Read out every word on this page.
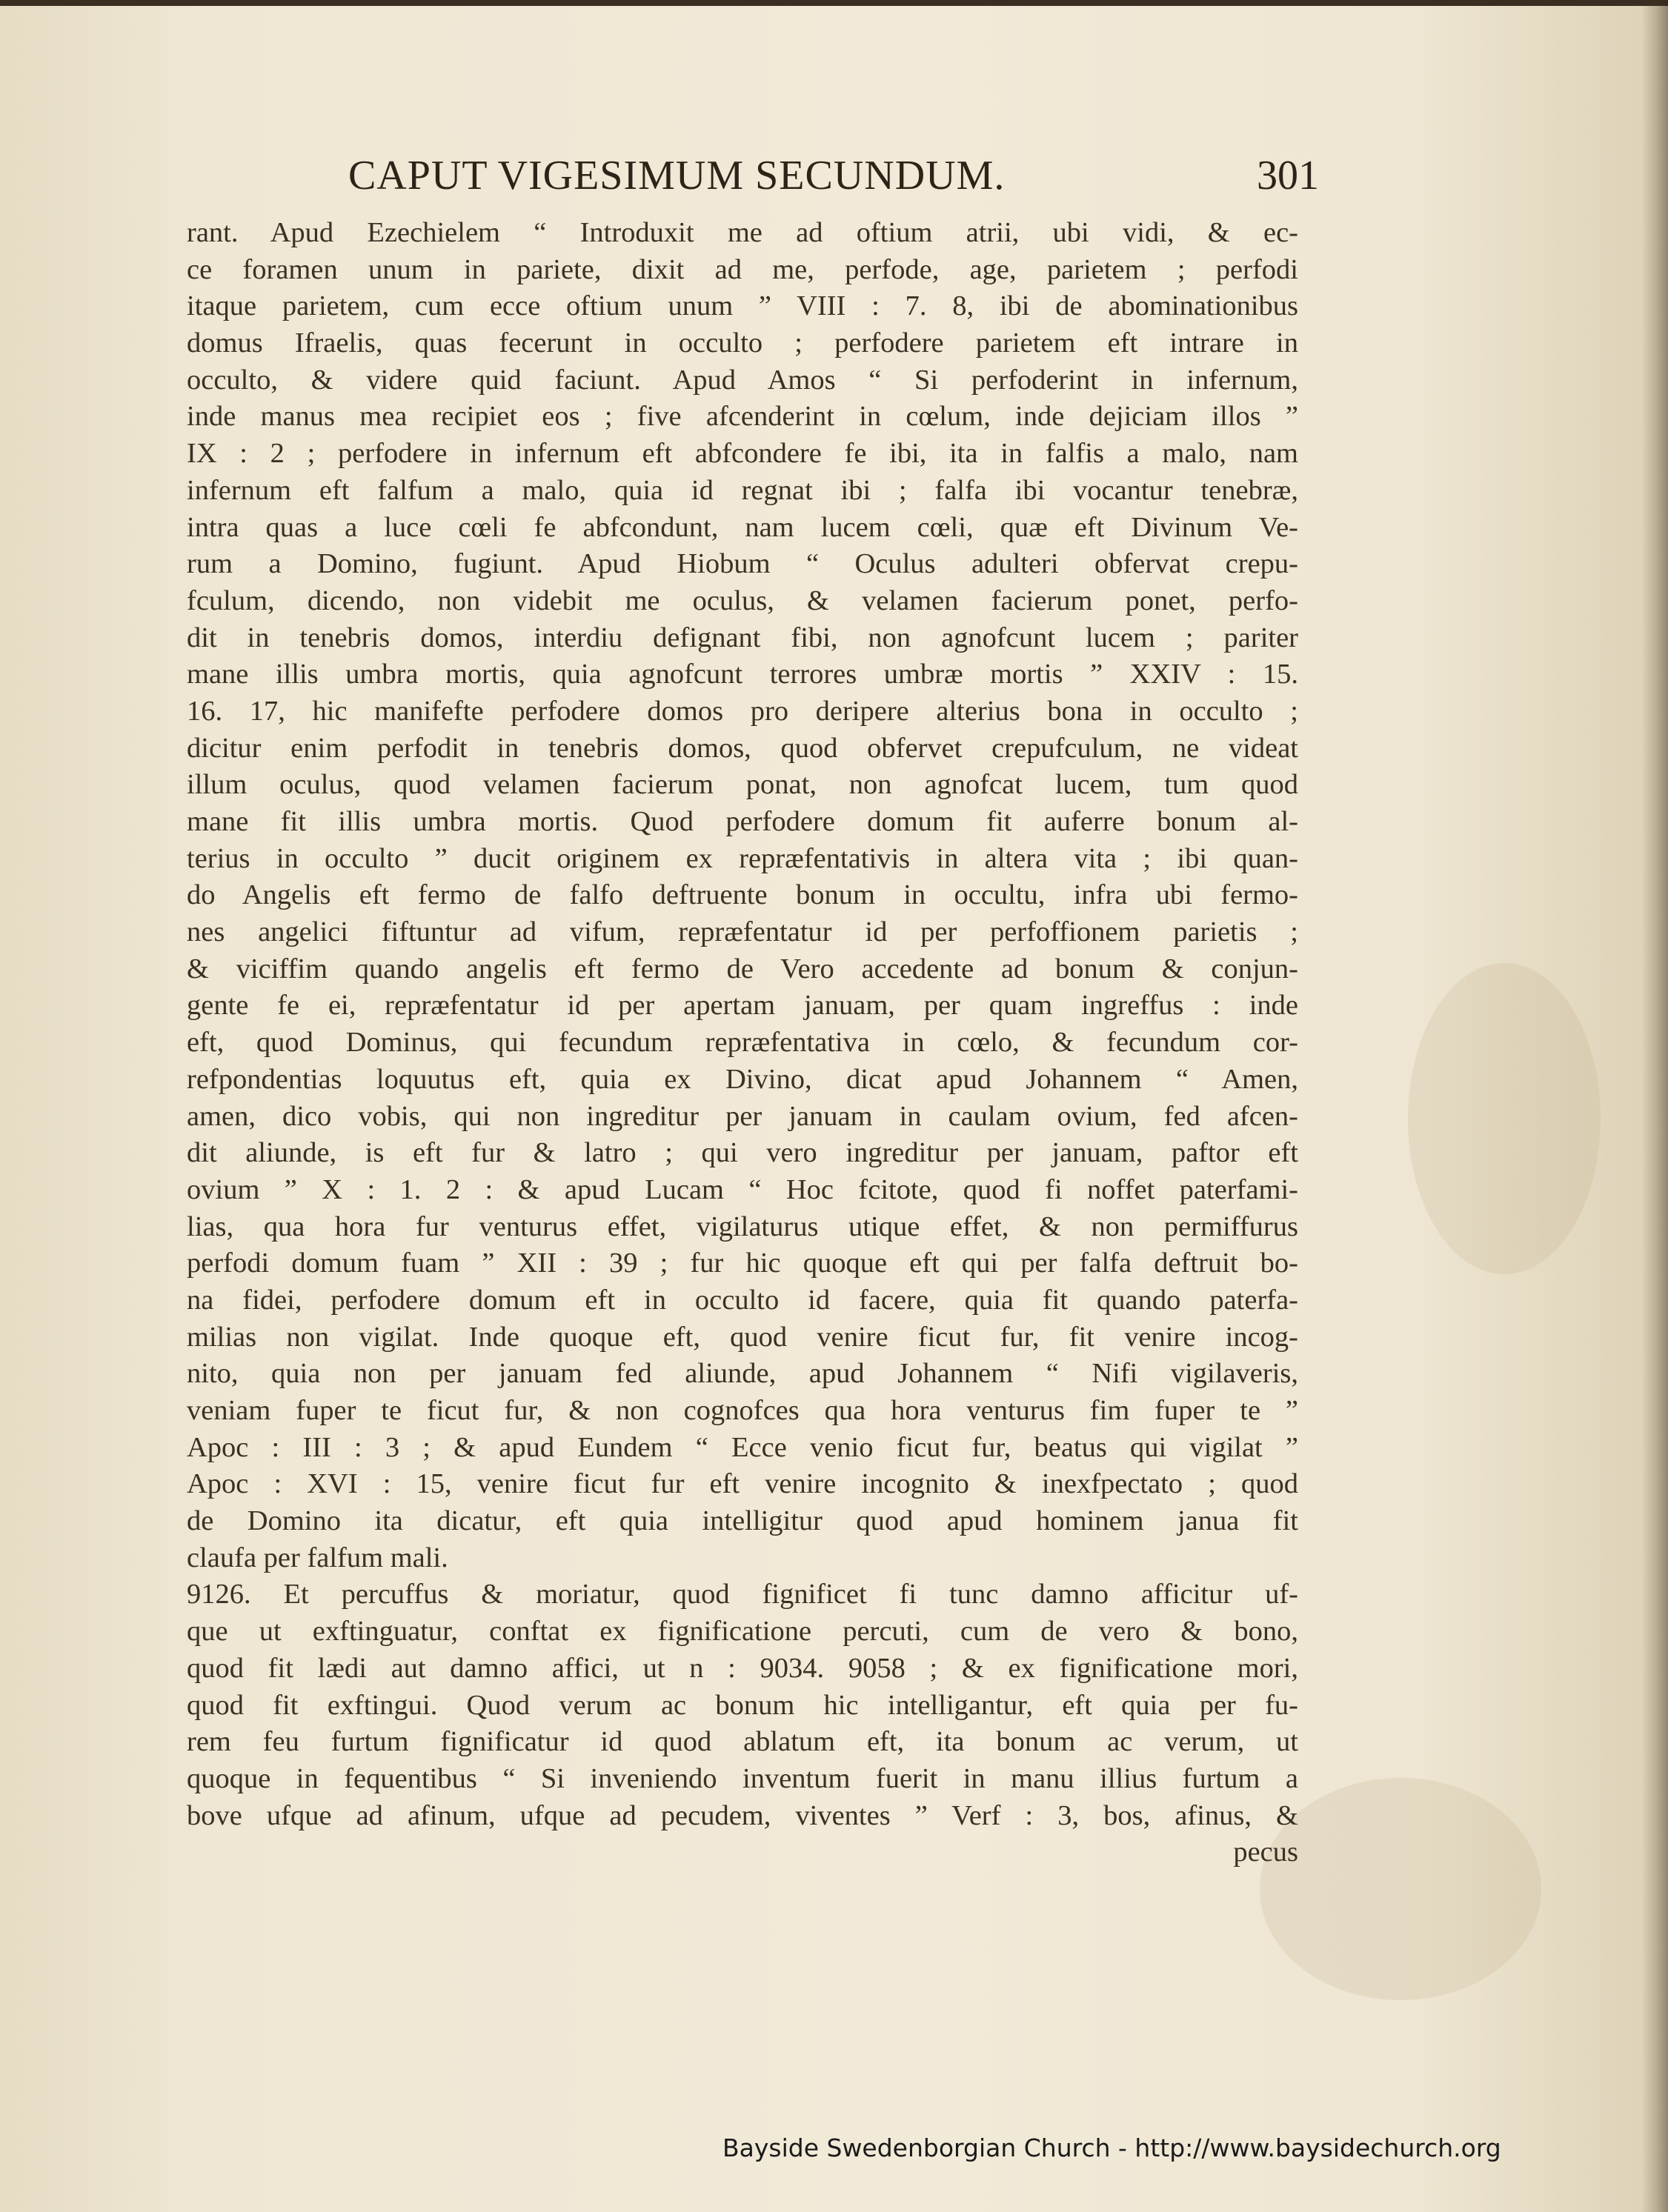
CAPUT VIGESIMUM SECUNDUM.	301
rant. Apud Ezechielem “ Introduxit me ad oftium atrii, ubi vidi, & ec-
ce foramen unum in pariete, dixit ad me, perfode, age, parietem ; perfodi
itaque parietem, cum ecce oftium unum ” VIII : 7. 8, ibi de abominationibus
domus Ifraelis, quas fecerunt in occulto ; perfodere parietem eft intrare in
occulto, & videre quid faciunt. Apud Amos “ Si perfoderint in infernum,
inde manus mea recipiet eos ; five afcenderint in cœlum, inde dejiciam illos ”
IX : 2 ; perfodere in infernum eft abfcondere fe ibi, ita in falfis a malo, nam
infernum eft falfum a malo, quia id regnat ibi ; falfa ibi vocantur tenebræ,
intra quas a luce cœli fe abfcondunt, nam lucem cœli, quæ eft Divinum Ve-
rum a Domino, fugiunt. Apud Hiobum “ Oculus adulteri obfervat crepu-
fculum, dicendo, non videbit me oculus, & velamen facierum ponet, perfo-
dit in tenebris domos, interdiu defignant fibi, non agnofcunt lucem ; pariter
mane illis umbra mortis, quia agnofcunt terrores umbræ mortis ” XXIV : 15.
16. 17, hic manifefte perfodere domos pro deripere alterius bona in occulto ;
dicitur enim perfodit in tenebris domos, quod obfervet crepufculum, ne videat
illum oculus, quod velamen facierum ponat, non agnofcat lucem, tum quod
mane fit illis umbra mortis. Quod perfodere domum fit auferre bonum al-
terius in occulto ” ducit originem ex repræfentativis in altera vita ; ibi quan-
do Angelis eft fermo de falfo deftruente bonum in occultu, infra ubi fermo-
nes angelici fiftuntur ad vifum, repræfentatur id per perfoffionem parietis ;
& viciffim quando angelis eft fermo de Vero accedente ad bonum & conjun-
gente fe ei, repræfentatur id per apertam januam, per quam ingreffus : inde
eft, quod Dominus, qui fecundum repræfentativa in cœlo, & fecundum cor-
refpondentias loquutus eft, quia ex Divino, dicat apud Johannem “ Amen,
amen, dico vobis, qui non ingreditur per januam in caulam ovium, fed afcen-
dit aliunde, is eft fur & latro ; qui vero ingreditur per januam, paftor eft
ovium ” X : 1. 2 : & apud Lucam “ Hoc fcitote, quod fi noffet paterfami-
lias, qua hora fur venturus effet, vigilaturus utique effet, & non permiffurus
perfodi domum fuam ” XII : 39 ; fur hic quoque eft qui per falfa deftruit bo-
na fidei, perfodere domum eft in occulto id facere, quia fit quando paterfa-
milias non vigilat. Inde quoque eft, quod venire ficut fur, fit venire incog-
nito, quia non per januam fed aliunde, apud Johannem “ Nifi vigilaveris,
veniam fuper te ficut fur, & non cognofces qua hora venturus fim fuper te ”
Apoc : III : 3 ; & apud Eundem “ Ecce venio ficut fur, beatus qui vigilat ”
Apoc : XVI : 15, venire ficut fur eft venire incognito & inexfpectato ; quod
de Domino ita dicatur, eft quia intelligitur quod apud hominem janua fit
claufa per falfum mali.
9126. Et percuffus & moriatur, quod fignificet fi tunc damno afficitur uf-
que ut exftinguatur, conftat ex fignificatione percuti, cum de vero & bono,
quod fit lædi aut damno affici, ut n : 9034. 9058 ; & ex fignificatione mori,
quod fit exftingui. Quod verum ac bonum hic intelligantur, eft quia per fu-
rem feu furtum fignificatur id quod ablatum eft, ita bonum ac verum, ut
quoque in fequentibus “ Si inveniendo inventum fuerit in manu illius furtum a
bove ufque ad afinum, ufque ad pecudem, viventes ” Verf : 3, bos, afinus, &
pecus
Bayside Swedenborgian Church - http://www.baysidechurch.org
